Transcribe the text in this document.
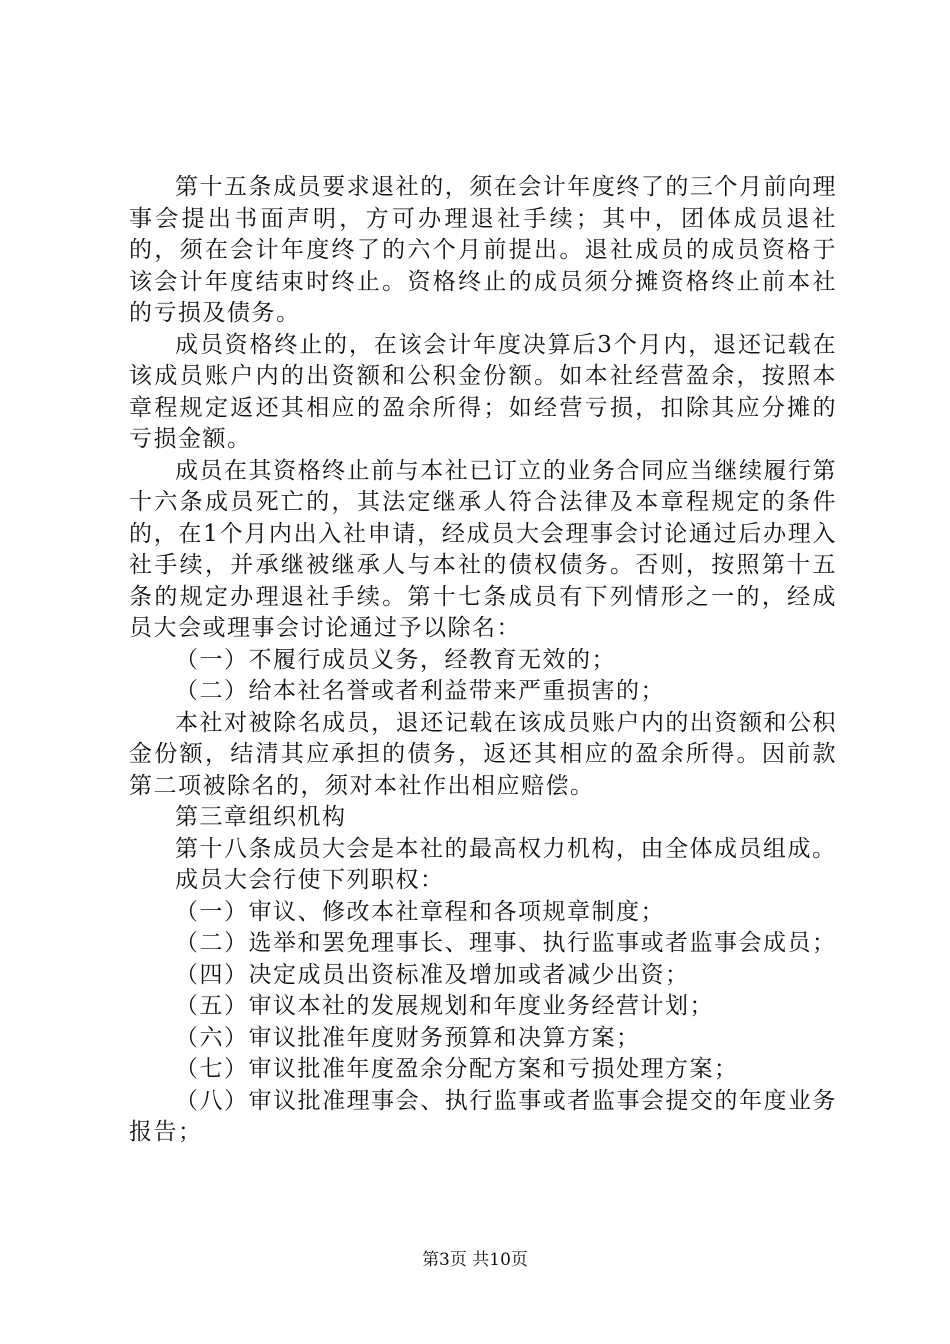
第十五条成员要求退社的，须在会计年度终了的三个月前向理事会提出书面声明，方可办理退社手续；其中，团体成员退社的，须在会计年度终了的六个月前提出。退社成员的成员资格于该会计年度结束时终止。资格终止的成员须分摊资格终止前本社的亏损及债务。

成员资格终止的，在该会计年度决算后3个月内，退还记载在该成员账户内的出资额和公积金份额。如本社经营盈余，按照本章程规定返还其相应的盈余所得；如经营亏损，扣除其应分摊的亏损金额。

成员在其资格终止前与本社已订立的业务合同应当继续履行第十六条成员死亡的，其法定继承人符合法律及本章程规定的条件的，在1个月内出入社申请，经成员大会理事会讨论通过后办理入社手续，并承继被继承人与本社的债权债务。否则，按照第十五条的规定办理退社手续。第十七条成员有下列情形之一的，经成员大会或理事会讨论通过予以除名：

（一）不履行成员义务，经教育无效的；

（二）给本社名誉或者利益带来严重损害的；

本社对被除名成员，退还记载在该成员账户内的出资额和公积金份额，结清其应承担的债务，返还其相应的盈余所得。因前款第二项被除名的，须对本社作出相应赔偿。

第三章组织机构

第十八条成员大会是本社的最高权力机构，由全体成员组成。

成员大会行使下列职权：

（一）审议、修改本社章程和各项规章制度；

（二）选举和罢免理事长、理事、执行监事或者监事会成员；

（四）决定成员出资标准及增加或者减少出资；

（五）审议本社的发展规划和年度业务经营计划；

（六）审议批准年度财务预算和决算方案；

（七）审议批准年度盈余分配方案和亏损处理方案；

（八）审议批准理事会、执行监事或者监事会提交的年度业务报告；

第3页 共10页
